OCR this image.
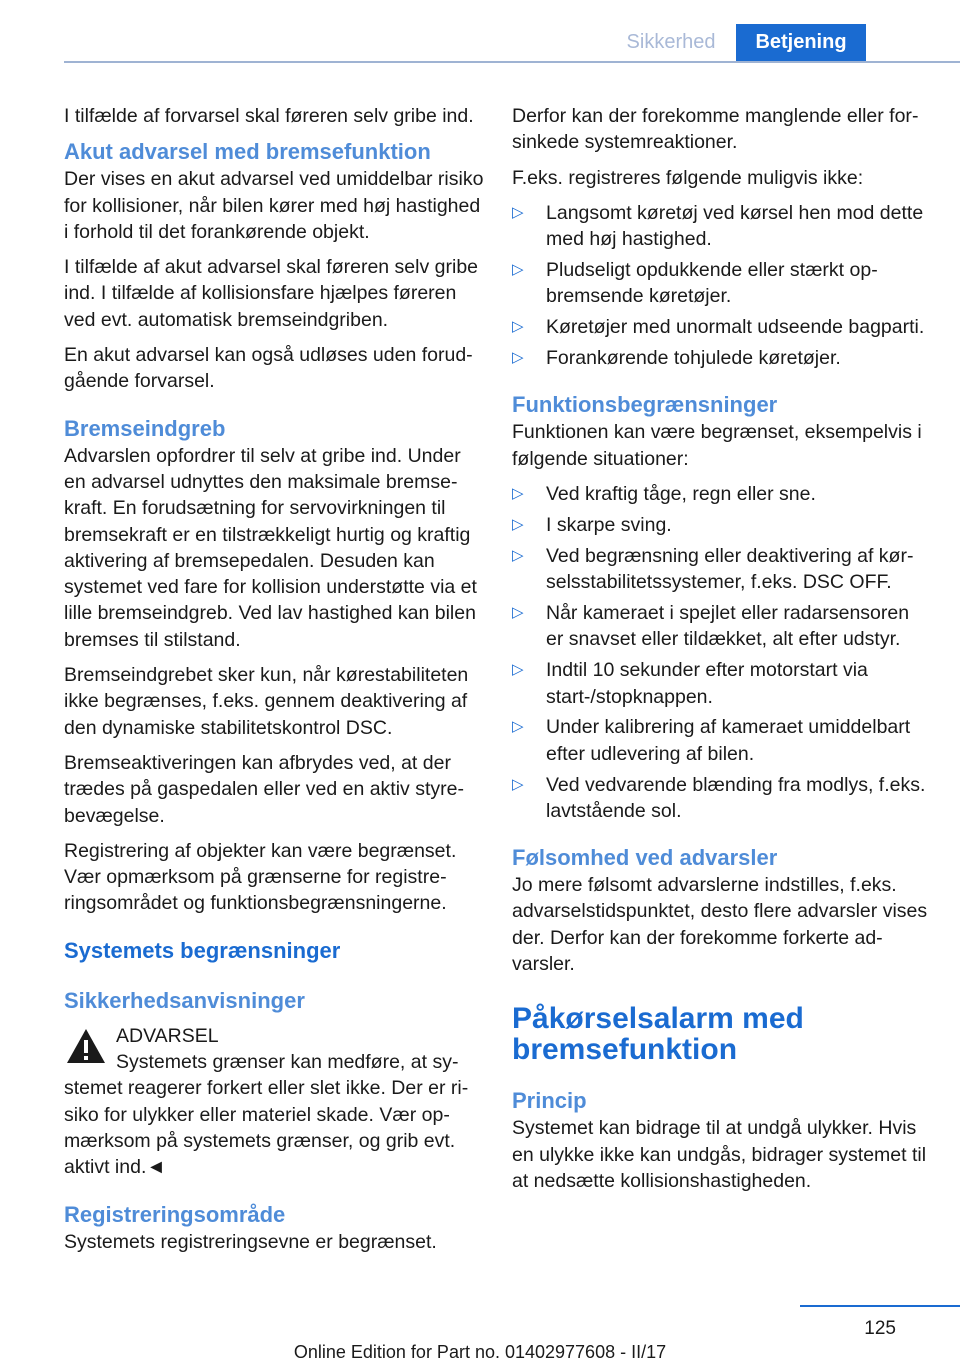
Sikkerhed	Betjening

I tilfælde af forvarsel skal føreren selv gribe ind.

Akut advarsel med bremsefunktion

Der vises en akut advarsel ved umiddelbar risiko for kollisioner, når bilen kører med høj hastighed i forhold til det forankørende objekt.

I tilfælde af akut advarsel skal føreren selv gribe ind. I tilfælde af kollisionsfare hjælpes føreren ved evt. automatisk bremseindgriben.

En akut advarsel kan også udløses uden forudgående forvarsel.

Bremseindgreb

Advarslen opfordrer til selv at gribe ind. Under en advarsel udnyttes den maksimale bremsekraft. En forudsætning for servovirkningen til bremsekraft er en tilstrækkeligt hurtig og kraftig aktivering af bremsepedalen. Desuden kan systemet ved fare for kollision understøtte via et lille bremseindgreb. Ved lav hastighed kan bilen bremses til stilstand.

Bremseindgrebet sker kun, når kørestabiliteten ikke begrænses, f.eks. gennem deaktivering af den dynamiske stabilitetskontrol DSC.

Bremseaktiveringen kan afbrydes ved, at der trædes på gaspedalen eller ved en aktiv styrebevægelse.

Registrering af objekter kan være begrænset. Vær opmærksom på grænserne for registreringsområdet og funktionsbegrænsningerne.

Systemets begrænsninger
Sikkerhedsanvisninger
ADVARSEL

Systemets grænser kan medføre, at systemet reagerer forkert eller slet ikke. Der er risiko for ulykker eller materiel skade. Vær opmærksom på systemets grænser, og grib evt. aktivt ind.◄

Registreringsområde

Systemets registreringsevne er begrænset.

Derfor kan der forekomme manglende eller forsinkede systemreaktioner.

F.eks. registreres følgende muligvis ikke:

▷ Langsomt køretøj ved kørsel hen mod dette med høj hastighed.
▷ Pludseligt opdukkende eller stærkt opbremsende køretøjer.
▷ Køretøjer med unormalt udseende bagparti.
▷ Forankørende tohjulede køretøjer.
Funktionsbegrænsninger

Funktionen kan være begrænset, eksempelvis i følgende situationer:

▷ Ved kraftig tåge, regn eller sne.
▷ I skarpe sving.
▷ Ved begrænsning eller deaktivering af kørselsstabilitetssystemer, f.eks. DSC OFF.
▷ Når kameraet i spejlet eller radarsensoren er snavset eller tildækket, alt efter udstyr.
▷ Indtil 10 sekunder efter motorstart via start-/stopknappen.
▷ Under kalibrering af kameraet umiddelbart efter udlevering af bilen.
▷ Ved vedvarende blænding fra modlys, f.eks. lavtstående sol.
Følsomhed ved advarsler

Jo mere følsomt advarslerne indstilles, f.eks. advarselstidspunktet, desto flere advarsler vises der. Derfor kan der forekomme forkerte advarsler.

Påkørselsalarm med bremsefunktion
Princip

Systemet kan bidrage til at undgå ulykker. Hvis en ulykke ikke kan undgås, bidrager systemet til at nedsætte kollisionshastigheden.

125
Online Edition for Part no. 01402977608 - II/17
